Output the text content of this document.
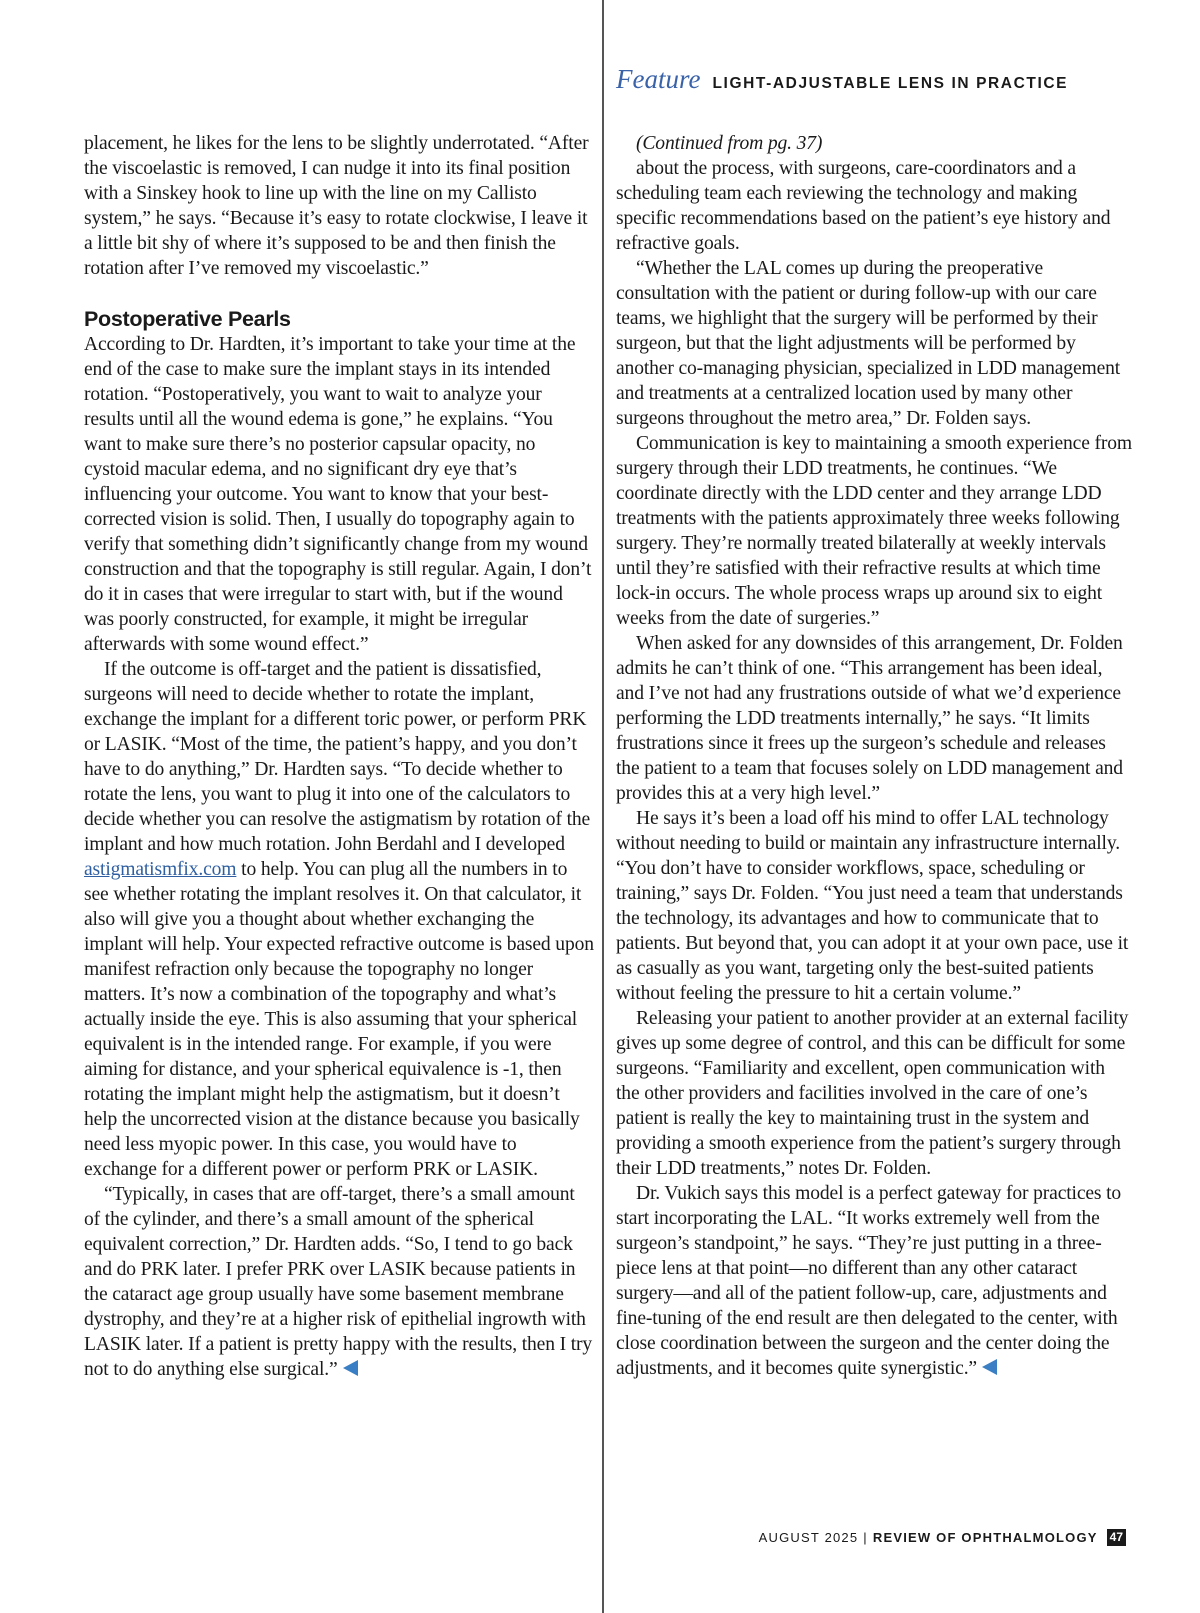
Feature LIGHT-ADJUSTABLE LENS IN PRACTICE

placement, he likes for the lens to be slightly underrotated. “After the viscoelastic is removed, I can nudge it into its final position with a Sinskey hook to line up with the line on my Callisto system,” he says. “Because it’s easy to rotate clockwise, I leave it a little bit shy of where it’s supposed to be and then finish the rotation after I’ve removed my viscoelastic.”

Postoperative Pearls

According to Dr. Hardten, it’s important to take your time at the end of the case to make sure the implant stays in its intended rotation. “Postoperatively, you want to wait to analyze your results until all the wound edema is gone,” he explains. “You want to make sure there’s no posterior capsular opacity, no cystoid macular edema, and no significant dry eye that’s influencing your outcome. You want to know that your best-corrected vision is solid. Then, I usually do topography again to verify that something didn’t significantly change from my wound construction and that the topography is still regular. Again, I don’t do it in cases that were irregular to start with, but if the wound was poorly constructed, for example, it might be irregular afterwards with some wound effect.”

If the outcome is off-target and the patient is dissatisfied, surgeons will need to decide whether to rotate the implant, exchange the implant for a different toric power, or perform PRK or LASIK. “Most of the time, the patient’s happy, and you don’t have to do anything,” Dr. Hardten says. “To decide whether to rotate the lens, you want to plug it into one of the calculators to decide whether you can resolve the astigmatism by rotation of the implant and how much rotation. John Berdahl and I developed astigmatismfix.com to help. You can plug all the numbers in to see whether rotating the implant resolves it. On that calculator, it also will give you a thought about whether exchanging the implant will help. Your expected refractive outcome is based upon manifest refraction only because the topography no longer matters. It’s now a combination of the topography and what’s actually inside the eye. This is also assuming that your spherical equivalent is in the intended range. For example, if you were aiming for distance, and your spherical equivalence is -1, then rotating the implant might help the astigmatism, but it doesn’t help the uncorrected vision at the distance because you basically need less myopic power. In this case, you would have to exchange for a different power or perform PRK or LASIK.

“Typically, in cases that are off-target, there’s a small amount of the cylinder, and there’s a small amount of the spherical equivalent correction,” Dr. Hardten adds. “So, I tend to go back and do PRK later. I prefer PRK over LASIK because patients in the cataract age group usually have some basement membrane dystrophy, and they’re at a higher risk of epithelial ingrowth with LASIK later. If a patient is pretty happy with the results, then I try not to do anything else surgical.”

(Continued from pg. 37)

about the process, with surgeons, care-coordinators and a scheduling team each reviewing the technology and making specific recommendations based on the patient’s eye history and refractive goals.

“Whether the LAL comes up during the preoperative consultation with the patient or during follow-up with our care teams, we highlight that the surgery will be performed by their surgeon, but that the light adjustments will be performed by another co-managing physician, specialized in LDD management and treatments at a centralized location used by many other surgeons throughout the metro area,” Dr. Folden says.

Communication is key to maintaining a smooth experience from surgery through their LDD treatments, he continues. “We coordinate directly with the LDD center and they arrange LDD treatments with the patients approximately three weeks following surgery. They’re normally treated bilaterally at weekly intervals until they’re satisfied with their refractive results at which time lock-in occurs. The whole process wraps up around six to eight weeks from the date of surgeries.”

When asked for any downsides of this arrangement, Dr. Folden admits he can’t think of one. “This arrangement has been ideal, and I’ve not had any frustrations outside of what we’d experience performing the LDD treatments internally,” he says. “It limits frustrations since it frees up the surgeon’s schedule and releases the patient to a team that focuses solely on LDD management and provides this at a very high level.”

He says it’s been a load off his mind to offer LAL technology without needing to build or maintain any infrastructure internally. “You don’t have to consider workflows, space, scheduling or training,” says Dr. Folden. “You just need a team that understands the technology, its advantages and how to communicate that to patients. But beyond that, you can adopt it at your own pace, use it as casually as you want, targeting only the best-suited patients without feeling the pressure to hit a certain volume.”

Releasing your patient to another provider at an external facility gives up some degree of control, and this can be difficult for some surgeons. “Familiarity and excellent, open communication with the other providers and facilities involved in the care of one’s patient is really the key to maintaining trust in the system and providing a smooth experience from the patient’s surgery through their LDD treatments,” notes Dr. Folden.

Dr. Vukich says this model is a perfect gateway for practices to start incorporating the LAL. “It works extremely well from the surgeon’s standpoint,” he says. “They’re just putting in a three-piece lens at that point—no different than any other cataract surgery—and all of the patient follow-up, care, adjustments and fine-tuning of the end result are then delegated to the center, with close coordination between the surgeon and the center doing the adjustments, and it becomes quite synergistic.”

AUGUST 2025 | REVIEW OF OPHTHALMOLOGY 47
